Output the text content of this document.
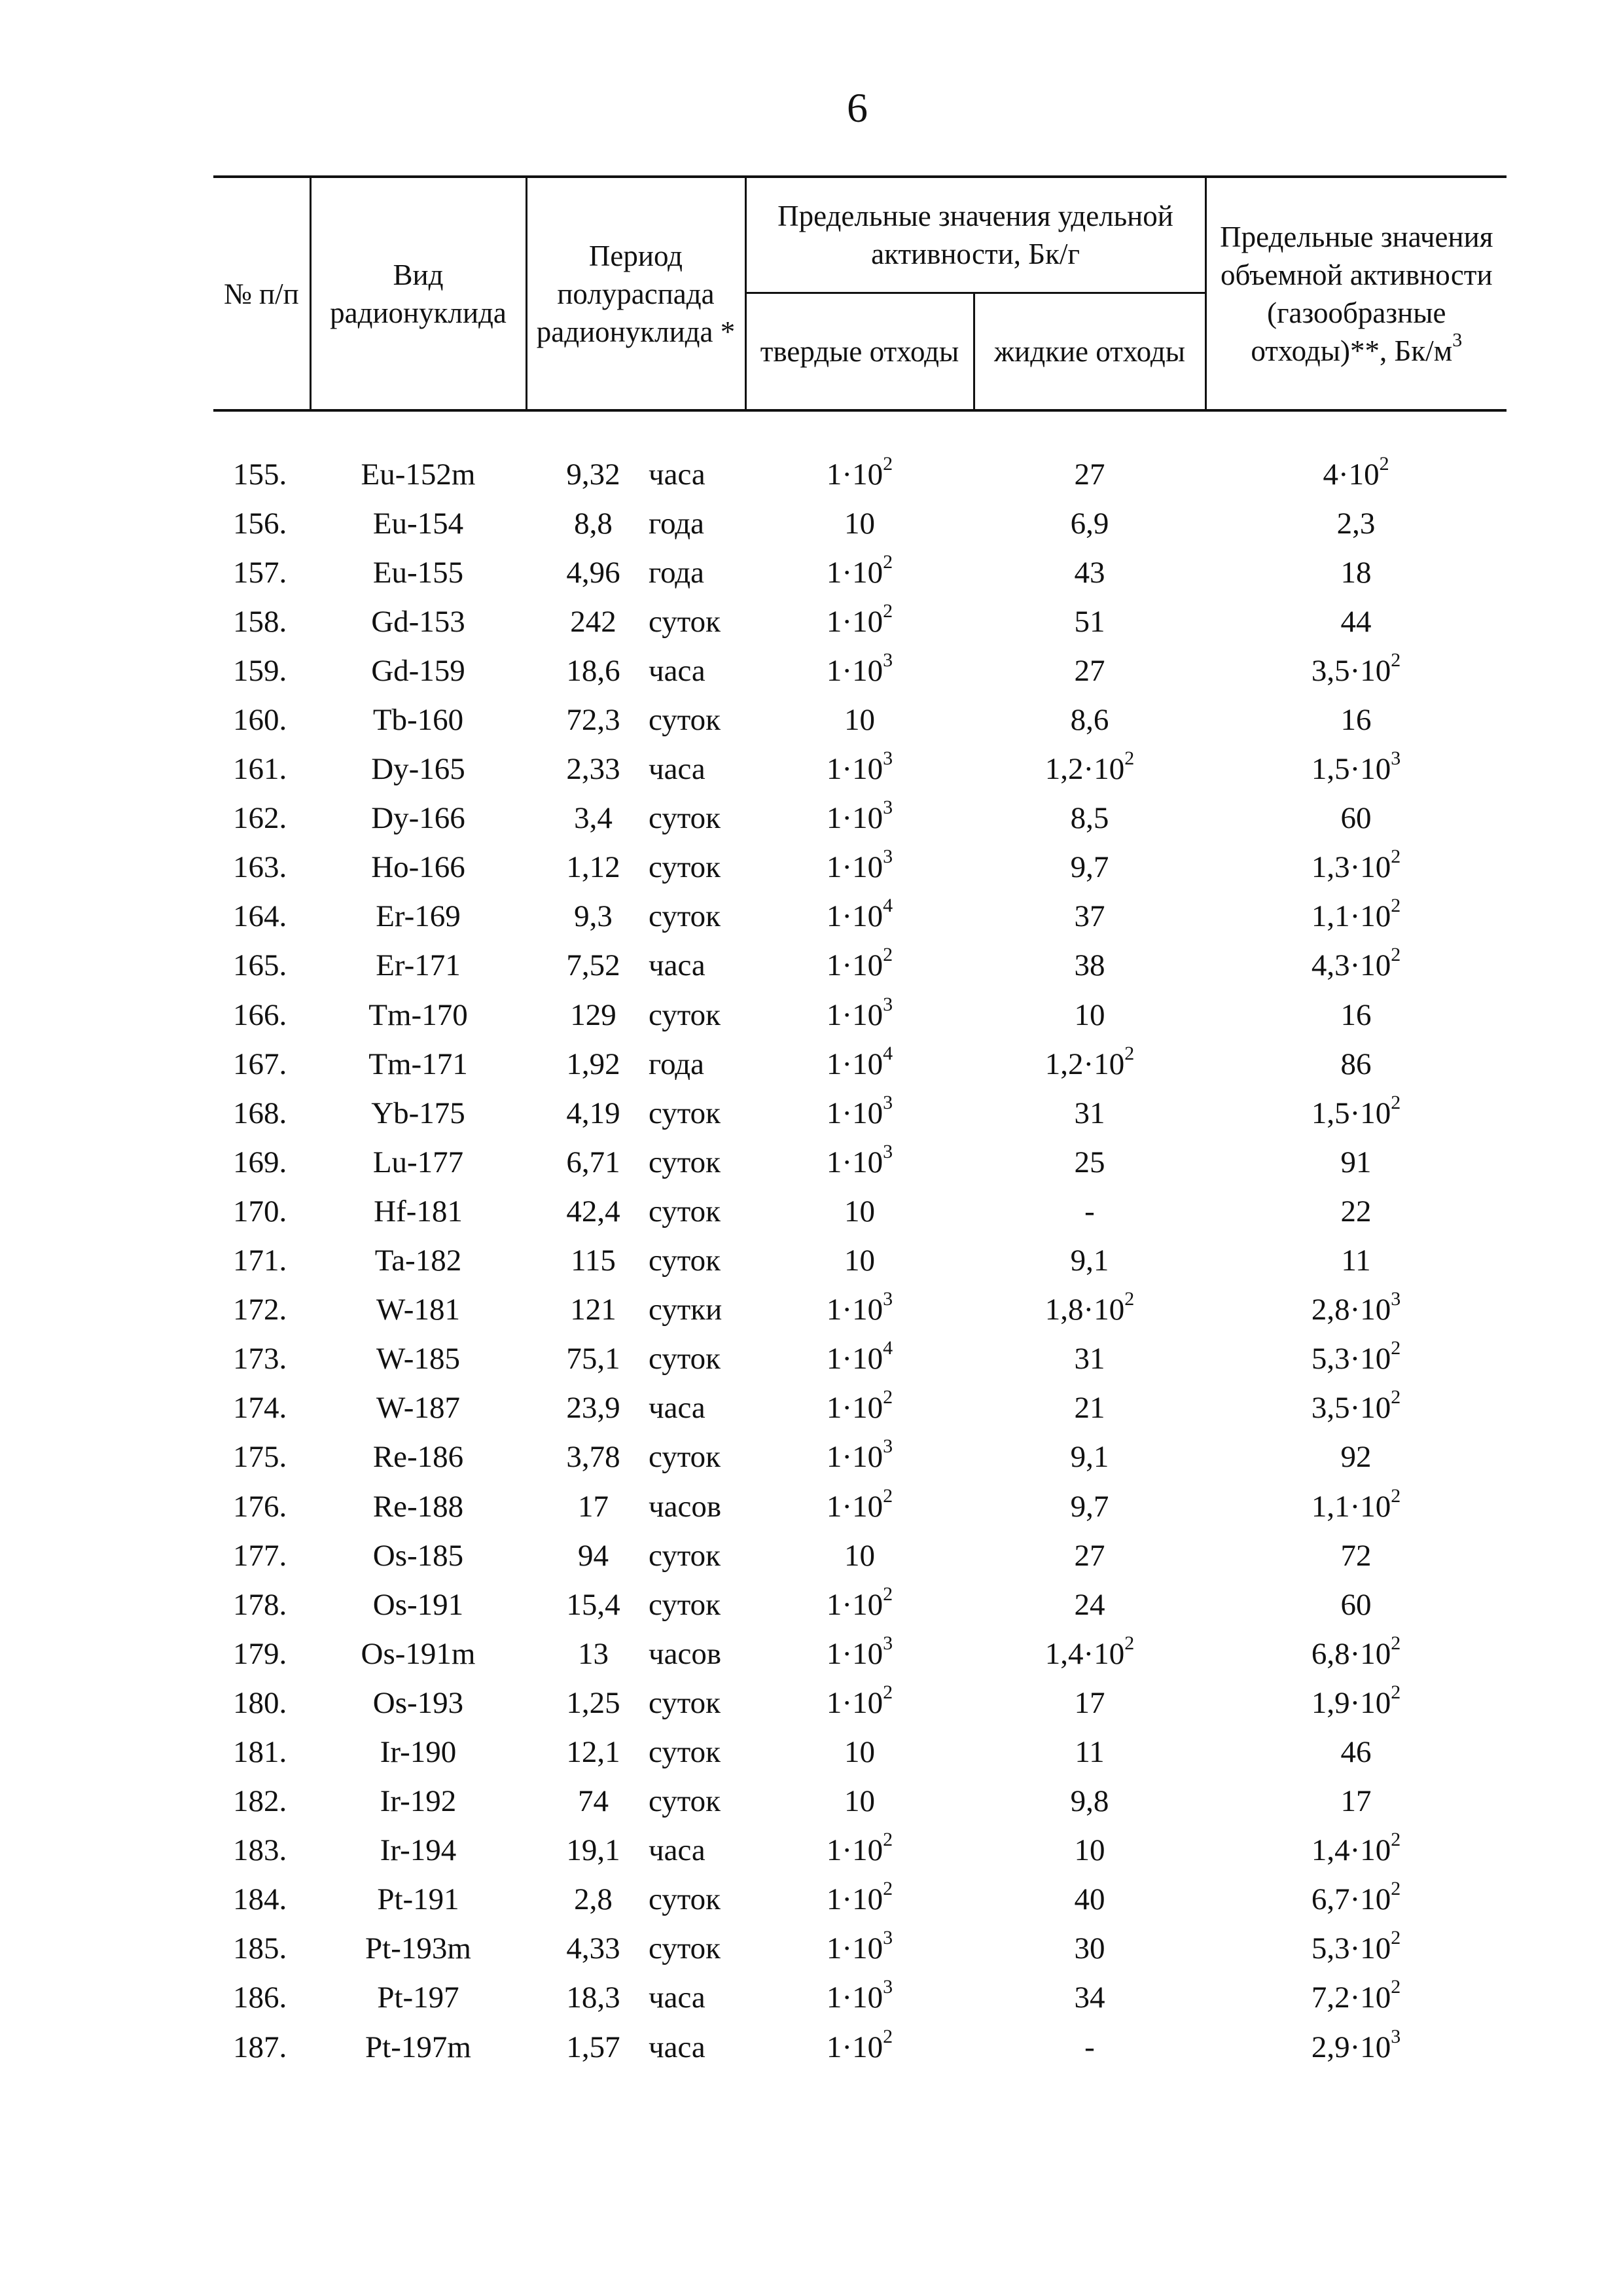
6
№ п/п	Вид радионуклида	Период полураспада радионуклида *		Предельные значения удельной активности, Бк/г		Предельные значения объемной активности (газообразные отходы)**, $Бк/м^3$
				твердые отходы	жидкие отходы	

155.	Eu-152m	9,32	часа	$1\cdot 10^2$	27	$4\cdot 10^2$
156.	Eu-154	8,8	года	10	6,9	2,3
157.	Eu-155	4,96	года	$1\cdot 10^2$	43	18
158.	Gd-153	242	суток	$1\cdot 10^2$	51	44
159.	Gd-159	18,6	часа	$1\cdot 10^3$	27	$3,5\cdot 10^2$
160.	Tb-160	72,3	суток	10	8,6	16
161.	Dy-165	2,33	часа	$1\cdot 10^3$	$1,2\cdot 10^2$	$1,5\cdot 10^3$
162.	Dy-166	3,4	суток	$1\cdot 10^3$	8,5	60
163.	Ho-166	1,12	суток	$1\cdot 10^3$	9,7	$1,3\cdot 10^2$
164.	Er-169	9,3	суток	$1\cdot 10^4$	37	$1,1\cdot 10^2$
165.	Er-171	7,52	часа	$1\cdot 10^2$	38	$4,3\cdot 10^2$
166.	Tm-170	129	суток	$1\cdot 10^3$	10	16
167.	Tm-171	1,92	года	$1\cdot 10^4$	$1,2\cdot 10^2$	86
168.	Yb-175	4,19	суток	$1\cdot 10^3$	31	$1,5\cdot 10^2$
169.	Lu-177	6,71	суток	$1\cdot 10^3$	25	91
170.	Hf-181	42,4	суток	10	-	22
171.	Ta-182	115	суток	10	9,1	11
172.	W-181	121	сутки	$1\cdot 10^3$	$1,8\cdot 10^2$	$2,8\cdot 10^3$
173.	W-185	75,1	суток	$1\cdot 10^4$	31	$5,3\cdot 10^2$
174.	W-187	23,9	часа	$1\cdot 10^2$	21	$3,5\cdot 10^2$
175.	Re-186	3,78	суток	$1\cdot 10^3$	9,1	92
176.	Re-188	17	часов	$1\cdot 10^2$	9,7	$1,1\cdot 10^2$
177.	Os-185	94	суток	10	27	72
178.	Os-191	15,4	суток	$1\cdot 10^2$	24	60
179.	Os-191m	13	часов	$1\cdot 10^3$	$1,4\cdot 10^2$	$6,8\cdot 10^2$
180.	Os-193	1,25	суток	$1\cdot 10^2$	17	$1,9\cdot 10^2$
181.	Ir-190	12,1	суток	10	11	46
182.	Ir-192	74	суток	10	9,8	17
183.	Ir-194	19,1	часа	$1\cdot 10^2$	10	$1,4\cdot 10^2$
184.	Pt-191	2,8	суток	$1\cdot 10^2$	40	$6,7\cdot 10^2$
185.	Pt-193m	4,33	суток	$1\cdot 10^3$	30	$5,3\cdot 10^2$
186.	Pt-197	18,3	часа	$1\cdot 10^3$	34	$7,2\cdot 10^2$
187.	Pt-197m	1,57	часа	$1\cdot 10^2$	-	$2,9\cdot 10^3$
